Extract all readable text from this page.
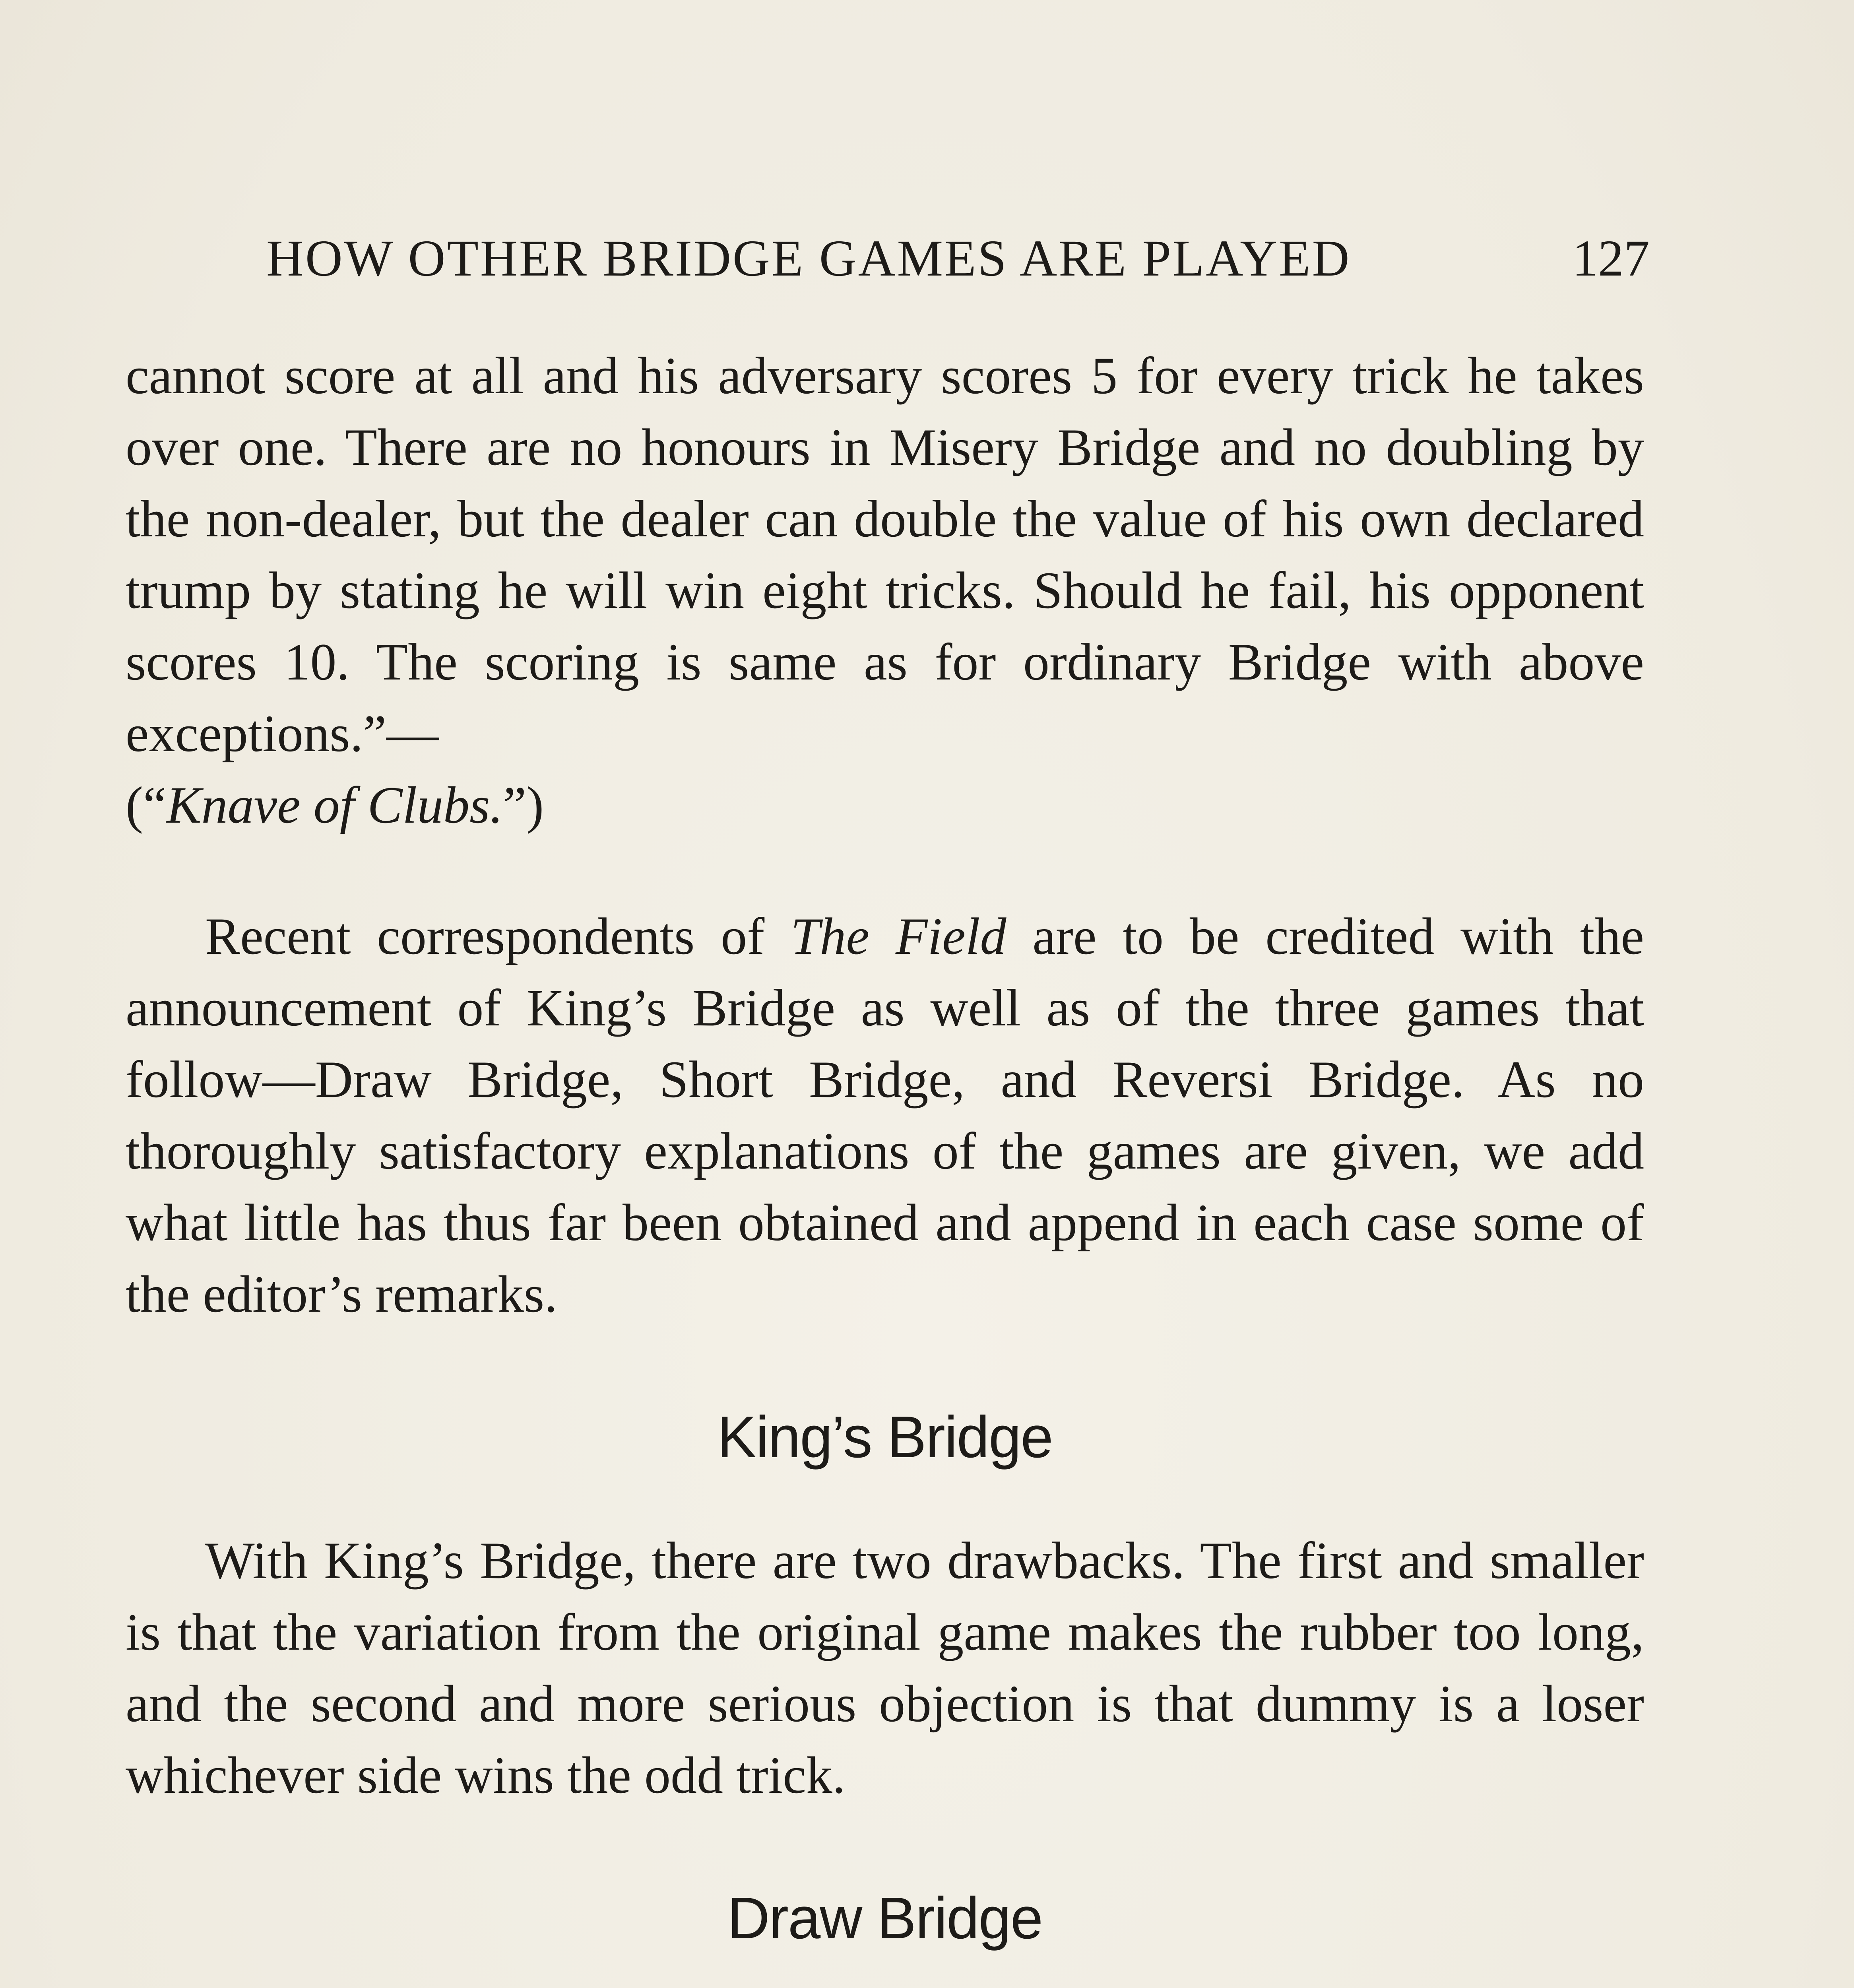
HOW OTHER BRIDGE GAMES ARE PLAYED	127

cannot score at all and his adversary scores 5 for every trick he takes over one. There are no honours in Misery Bridge and no doubling by the non-dealer, but the dealer can double the value of his own declared trump by stating he will win eight tricks. Should he fail, his opponent scores 10. The scoring is same as for ordinary Bridge with above exceptions.”—
(“Knave of Clubs.”)

Recent correspondents of The Field are to be credited with the announcement of King’s Bridge as well as of the three games that follow—Draw Bridge, Short Bridge, and Reversi Bridge. As no thoroughly satisfactory explanations of the games are given, we add what little has thus far been obtained and append in each case some of the editor’s remarks.

King’s Bridge

With King’s Bridge, there are two drawbacks. The first and smaller is that the variation from the original game makes the rubber too long, and the second and more serious objection is that dummy is a loser whichever side wins the odd trick.

Draw Bridge
